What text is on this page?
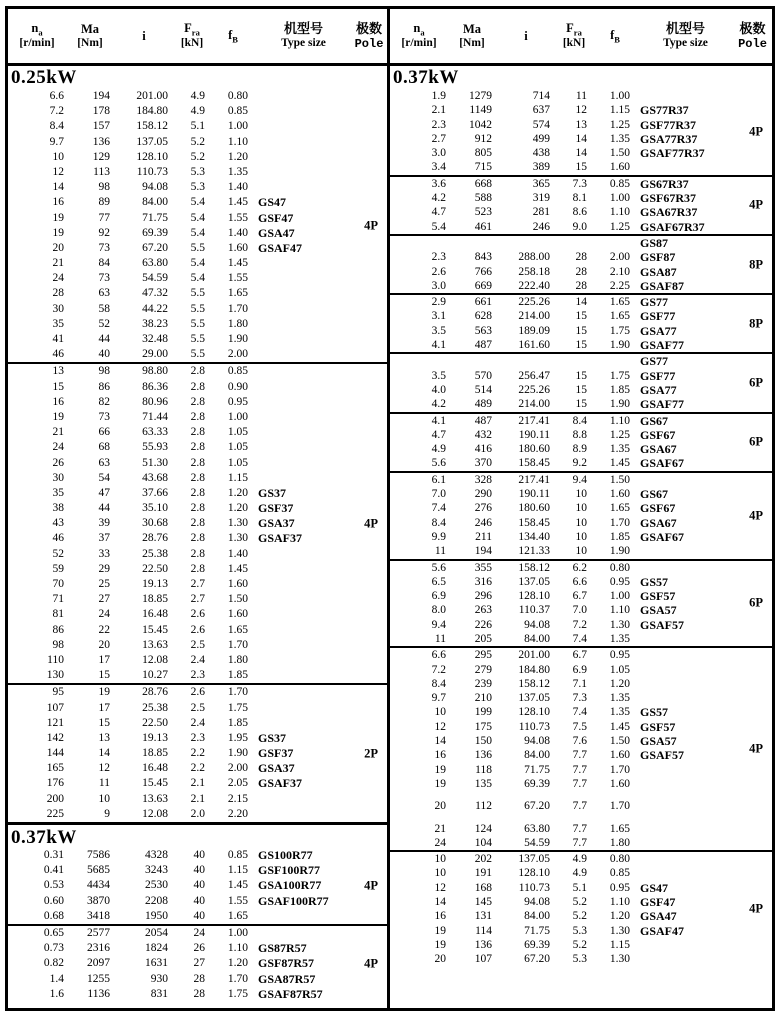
$n_a$
[r/min]
Ma
[Nm]
i
$F_{ra}$
[kN]
$f_B$
机型号
Type size
极数
Pole
0.25kW
6.6	194	201.00	4.9	0.80
7.2	178	184.80	4.9	0.85
8.4	157	158.12	5.1	1.00
9.7	136	137.05	5.2	1.10
10	129	128.10	5.2	1.20
12	113	110.73	5.3	1.35
14	98	94.08	5.3	1.40
16	89	84.00	5.4	1.45 GS47
19	77	71.75	5.4	1.55 GSF47
19	92	69.39	5.4	1.40 GSA47
20	73	67.20	5.5	1.60 GSAF47
21	84	63.80	5.4	1.45
24	73	54.59	5.4	1.55
28	63	47.32	5.5	1.65
30	58	44.22	5.5	1.70
35	52	38.23	5.5	1.80
41	44	32.48	5.5	1.90
46	40	29.00	5.5	2.00
4P
13	98	98.80	2.8	0.85
15	86	86.36	2.8	0.90
16	82	80.96	2.8	0.95
19	73	71.44	2.8	1.00
21	66	63.33	2.8	1.05
24	68	55.93	2.8	1.05
26	63	51.30	2.8	1.05
30	54	43.68	2.8	1.15
35	47	37.66	2.8	1.20 GS37
38	44	35.10	2.8	1.20 GSF37
43	39	30.68	2.8	1.30 GSA37
46	37	28.76	2.8	1.30 GSAF37
52	33	25.38	2.8	1.40
59	29	22.50	2.8	1.45
70	25	19.13	2.7	1.60
71	27	18.85	2.7	1.50
81	24	16.48	2.6	1.60
86	22	15.45	2.6	1.65
98	20	13.63	2.5	1.70
110	17	12.08	2.4	1.80
130	15	10.27	2.3	1.85
4P
95	19	28.76	2.6	1.70
107	17	25.38	2.5	1.75
121	15	22.50	2.4	1.85
142	13	19.13	2.3	1.95 GS37
144	14	18.85	2.2	1.90 GSF37
165	12	16.48	2.2	2.00 GSA37
176	11	15.45	2.1	2.05 GSAF37
200	10	13.63	2.1	2.15
225	9	12.08	2.0	2.20
2P
0.37kW
0.31	7586	4328	40	0.85 GS100R77
0.41	5685	3243	40	1.15 GSF100R77
0.53	4434	2530	40	1.45 GSA100R77
0.60	3870	2208	40	1.55 GSAF100R77
0.68	3418	1950	40	1.65
4P
0.65	2577	2054	24	1.00
0.73	2316	1824	26	1.10 GS87R57
0.82	2097	1631	27	1.20 GSF87R57
1.4	1255	930	28	1.70 GSA87R57
1.6	1136	831	28	1.75 GSAF87R57
4P
$n_a$
[r/min]
Ma
[Nm]
i
$F_{ra}$
[kN]
$f_B$
机型号
Type size
极数
Pole
0.37kW
1.9	1279	714	11	1.00
2.1	1149	637	12	1.15 GS77R37
2.3	1042	574	13	1.25 GSF77R37
2.7	912	499	14	1.35 GSA77R37
3.0	805	438	14	1.50 GSAF77R37
3.4	715	389	15	1.60
4P
3.6	668	365	7.3	0.85 GS67R37
4.2	588	319	8.1	1.00 GSF67R37
4.7	523	281	8.6	1.10 GSA67R37
5.4	461	246	9.0	1.25 GSAF67R37
4P
GS87
2.3	843	288.00	28	2.00 GSF87
2.6	766	258.18	28	2.10 GSA87
3.0	669	222.40	28	2.25 GSAF87
8P
2.9	661	225.26	14	1.65 GS77
3.1	628	214.00	15	1.65 GSF77
3.5	563	189.09	15	1.75 GSA77
4.1	487	161.60	15	1.90 GSAF77
8P
GS77
3.5	570	256.47	15	1.75 GSF77
4.0	514	225.26	15	1.85 GSA77
4.2	489	214.00	15	1.90 GSAF77
6P
4.1	487	217.41	8.4	1.10 GS67
4.7	432	190.11	8.8	1.25 GSF67
4.9	416	180.60	8.9	1.35 GSA67
5.6	370	158.45	9.2	1.45 GSAF67
6P
6.1	328	217.41	9.4	1.50
7.0	290	190.11	10	1.60 GS67
7.4	276	180.60	10	1.65 GSF67
8.4	246	158.45	10	1.70 GSA67
9.9	211	134.40	10	1.85 GSAF67
11	194	121.33	10	1.90
4P
5.6	355	158.12	6.2	0.80
6.5	316	137.05	6.6	0.95 GS57
6.9	296	128.10	6.7	1.00 GSF57
8.0	263	110.37	7.0	1.10 GSA57
9.4	226	94.08	7.2	1.30 GSAF57
11	205	84.00	7.4	1.35
6P
6.6	295	201.00	6.7	0.95
7.2	279	184.80	6.9	1.05
8.4	239	158.12	7.1	1.20
9.7	210	137.05	7.3	1.35
10	199	128.10	7.4	1.35 GS57
12	175	110.73	7.5	1.45 GSF57
14	150	94.08	7.6	1.50 GSA57
16	136	84.00	7.7	1.60 GSAF57
19	118	71.75	7.7	1.70
19	135	69.39	7.7	1.60
20	112	67.20	7.7	1.70
21	124	63.80	7.7	1.65
24	104	54.59	7.7	1.80
4P
10	202	137.05	4.9	0.80
10	191	128.10	4.9	0.85
12	168	110.73	5.1	0.95 GS47
14	145	94.08	5.2	1.10 GSF47
16	131	84.00	5.2	1.20 GSA47
19	114	71.75	5.3	1.30 GSAF47
19	136	69.39	5.2	1.15
20	107	67.20	5.3	1.30
4P
